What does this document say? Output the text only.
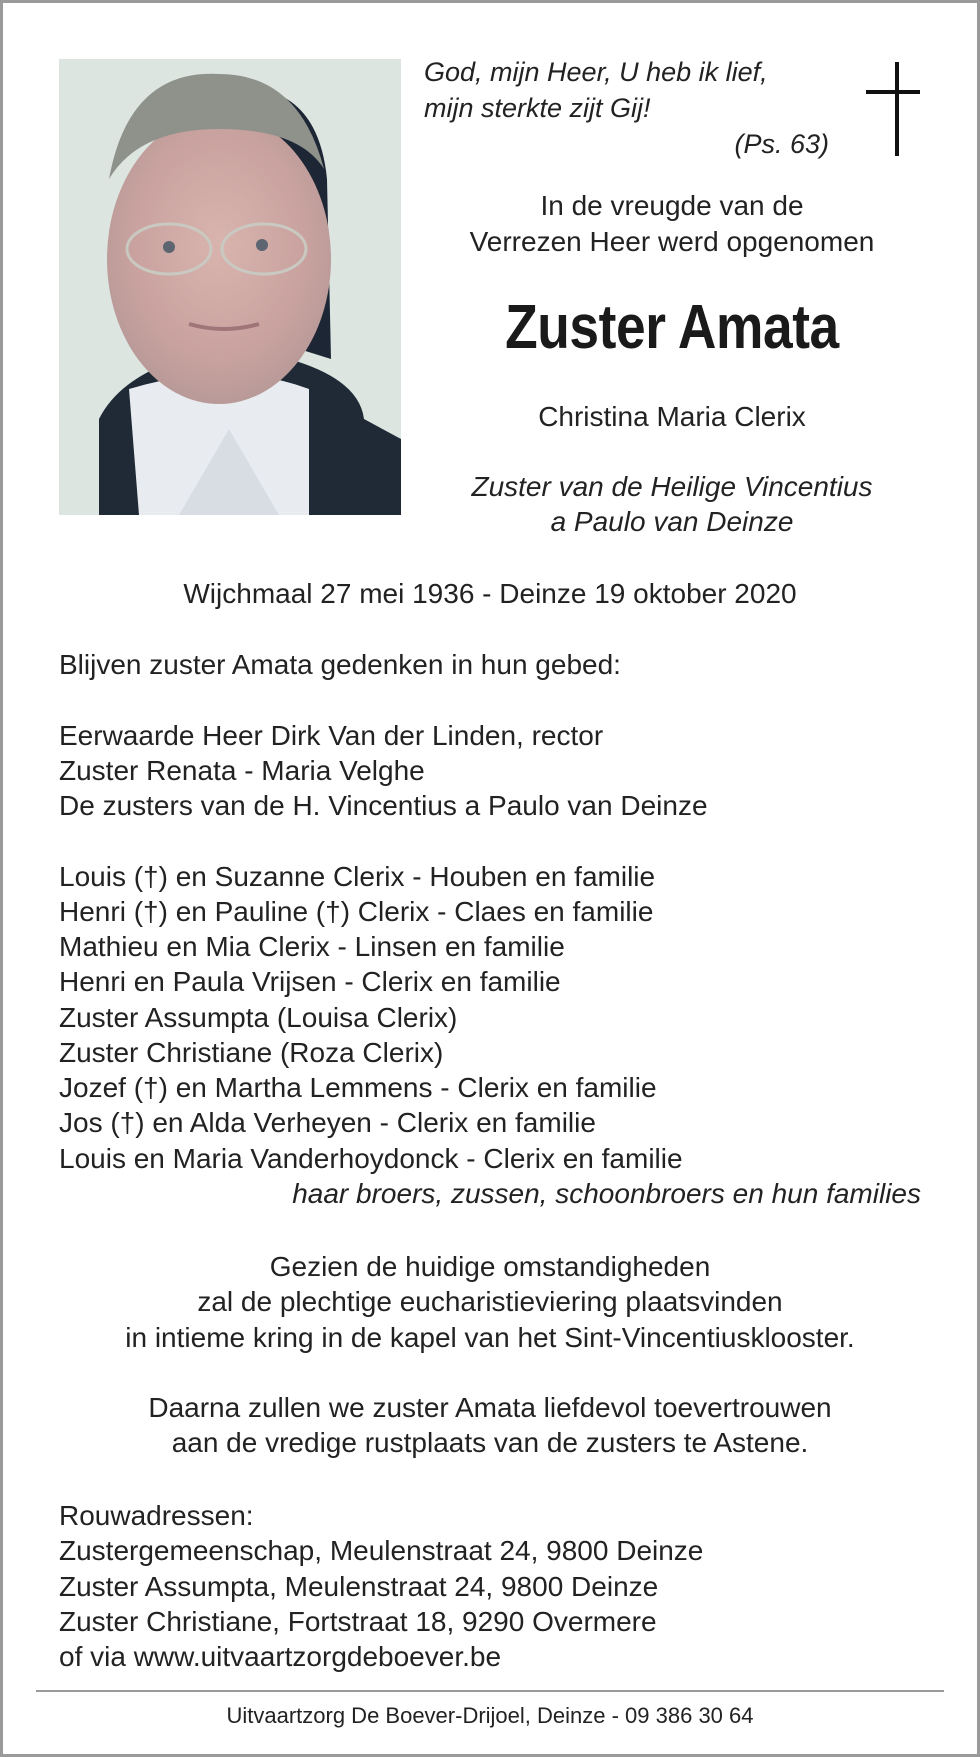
God, mijn Heer, U heb ik lief,
mijn sterkte zijt Gij!
(Ps. 63)
In de vreugde van de
Verrezen Heer werd opgenomen
Zuster Amata
Christina Maria Clerix
Zuster van de Heilige Vincentius
a Paulo van Deinze
Wijchmaal 27 mei 1936 - Deinze 19 oktober 2020
Blijven zuster Amata gedenken in hun gebed:
Eerwaarde Heer Dirk Van der Linden, rector
Zuster Renata - Maria Velghe
De zusters van de H. Vincentius a Paulo van Deinze
Louis (†) en Suzanne Clerix - Houben en familie
Henri (†) en Pauline (†) Clerix - Claes en familie
Mathieu en Mia Clerix - Linsen en familie
Henri en Paula Vrijsen - Clerix en familie
Zuster Assumpta (Louisa Clerix)
Zuster Christiane (Roza Clerix)
Jozef (†) en Martha Lemmens - Clerix en familie
Jos (†) en Alda Verheyen - Clerix en familie
Louis en Maria Vanderhoydonck - Clerix en familie
haar broers, zussen, schoonbroers en hun families
Gezien de huidige omstandigheden
zal de plechtige eucharistieviering plaatsvinden
in intieme kring in de kapel van het Sint-Vincentiusklooster.
Daarna zullen we zuster Amata liefdevol toevertrouwen
aan de vredige rustplaats van de zusters te Astene.
Rouwadressen:
Zustergemeenschap, Meulenstraat 24, 9800 Deinze
Zuster Assumpta, Meulenstraat 24, 9800 Deinze
Zuster Christiane, Fortstraat 18, 9290 Overmere
of via www.uitvaartzorgdeboever.be
Uitvaartzorg De Boever-Drijoel, Deinze - 09 386 30 64
